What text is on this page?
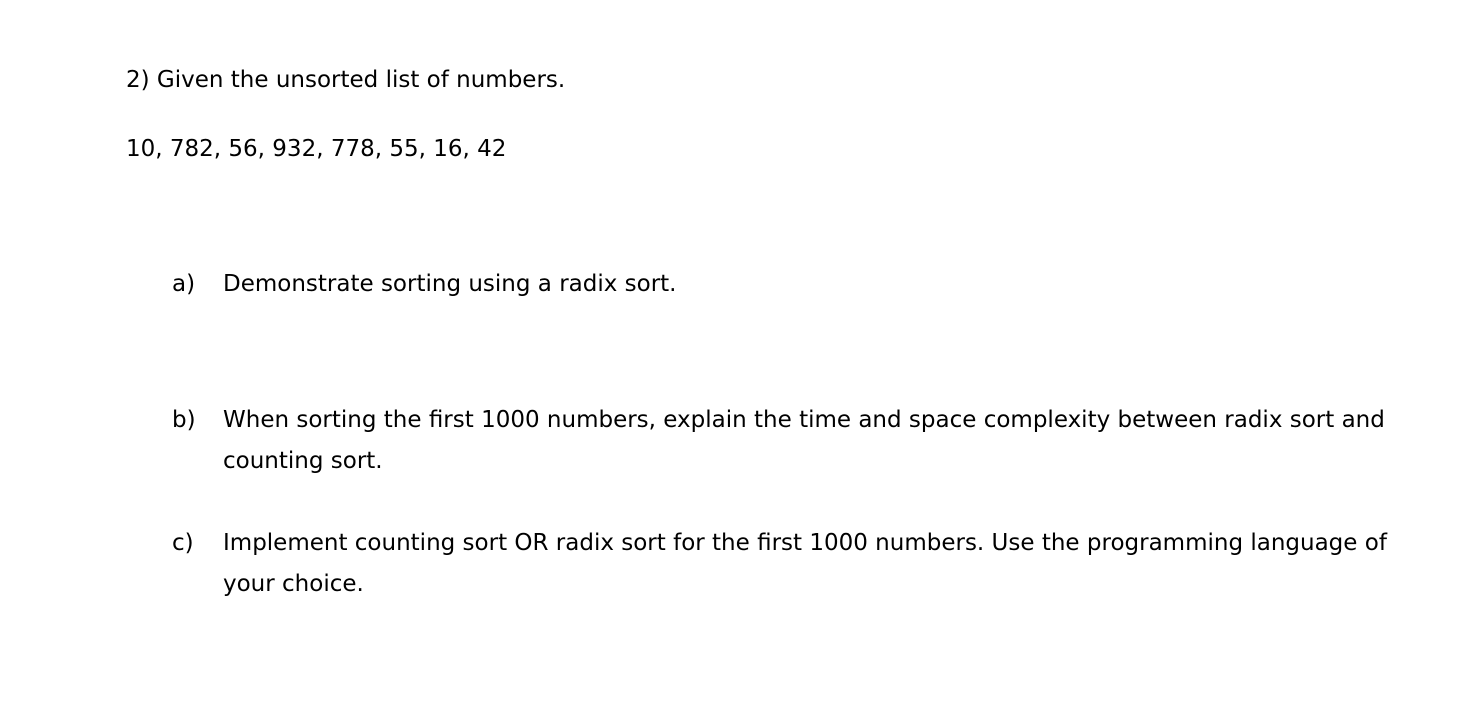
2) Given the unsorted list of numbers.
10, 782, 56, 932, 778, 55, 16, 42
a)	Demonstrate sorting using a radix sort.
b)	When sorting the first 1000 numbers, explain the time and space complexity between radix sort and counting sort.
c)	Implement counting sort OR radix sort for the first 1000 numbers. Use the programming language of your choice.
